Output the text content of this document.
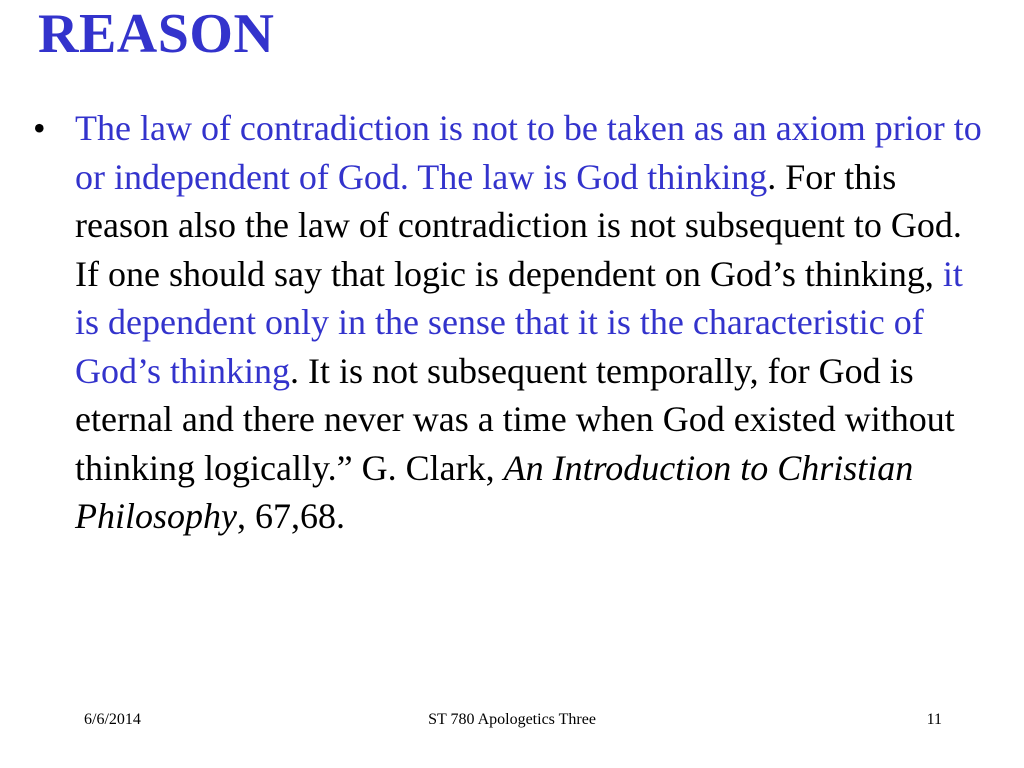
REASON
• The law of contradiction is not to be taken as an axiom prior to or independent of God. The law is God thinking. For this reason also the law of contradiction is not subsequent to God. If one should say that logic is dependent on God’s thinking, it is dependent only in the sense that it is the characteristic of God’s thinking. It is not subsequent temporally, for God is eternal and there never was a time when God existed without thinking logically.” G. Clark, An Introduction to Christian Philosophy, 67,68.
6/6/2014	ST 780 Apologetics Three	11
